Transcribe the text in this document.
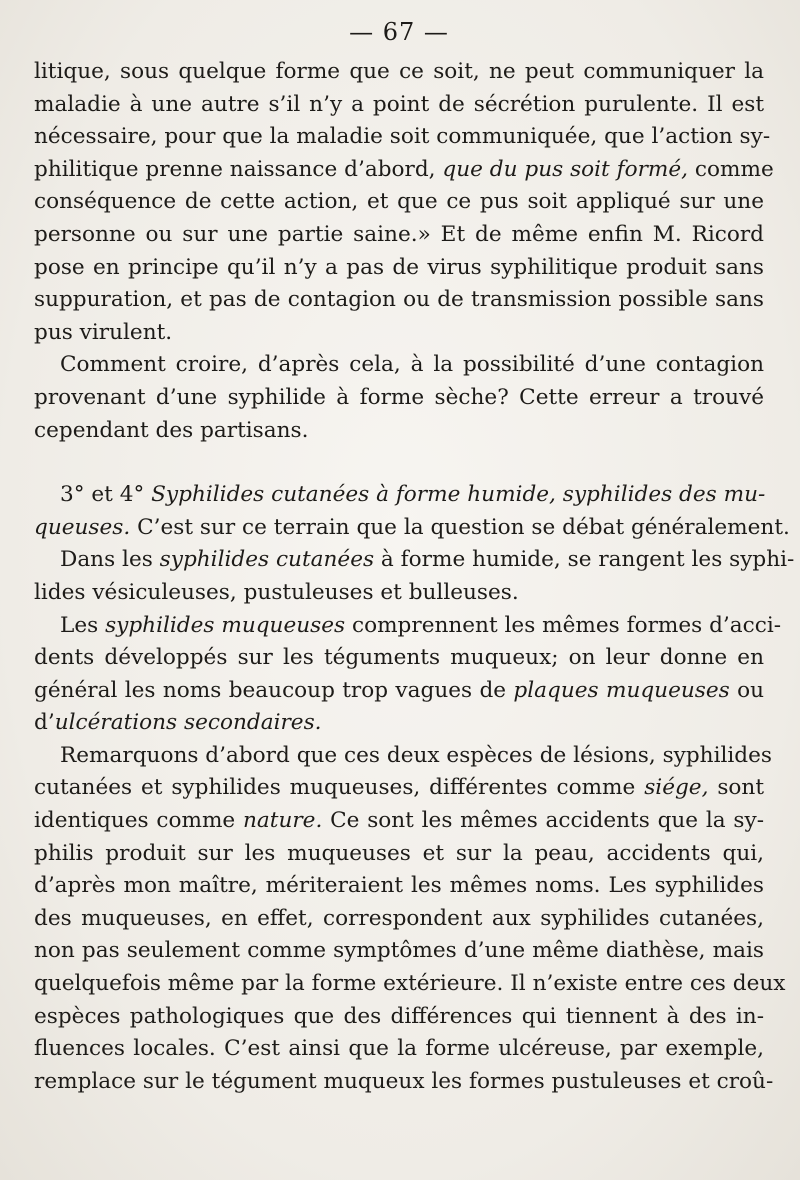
— 67 —
litique, sous quelque forme que ce soit, ne peut communiquer la
maladie à une autre s’il n’y a point de sécrétion purulente. Il est
nécessaire, pour que la maladie soit communiquée, que l’action sy-
philitique prenne naissance d’abord, que du pus soit formé, comme
conséquence de cette action, et que ce pus soit appliqué sur une
personne ou sur une partie saine.» Et de même enfin M. Ricord
pose en principe qu’il n’y a pas de virus syphilitique produit sans
suppuration, et pas de contagion ou de transmission possible sans
pus virulent.
Comment croire, d’après cela, à la possibilité d’une contagion
provenant d’une syphilide à forme sèche? Cette erreur a trouvé
cependant des partisans.
3° et 4° Syphilides cutanées à forme humide, syphilides des mu-
queuses. C’est sur ce terrain que la question se débat généralement.
Dans les syphilides cutanées à forme humide, se rangent les syphi-
lides vésiculeuses, pustuleuses et bulleuses.
Les syphilides muqueuses comprennent les mêmes formes d’acci-
dents développés sur les téguments muqueux; on leur donne en
général les noms beaucoup trop vagues de plaques muqueuses ou
d’ulcérations secondaires.
Remarquons d’abord que ces deux espèces de lésions, syphilides
cutanées et syphilides muqueuses, différentes comme siége, sont
identiques comme nature. Ce sont les mêmes accidents que la sy-
philis produit sur les muqueuses et sur la peau, accidents qui,
d’après mon maître, mériteraient les mêmes noms. Les syphilides
des muqueuses, en effet, correspondent aux syphilides cutanées,
non pas seulement comme symptômes d’une même diathèse, mais
quelquefois même par la forme extérieure. Il n’existe entre ces deux
espèces pathologiques que des différences qui tiennent à des in-
fluences locales. C’est ainsi que la forme ulcéreuse, par exemple,
remplace sur le tégument muqueux les formes pustuleuses et croû-
